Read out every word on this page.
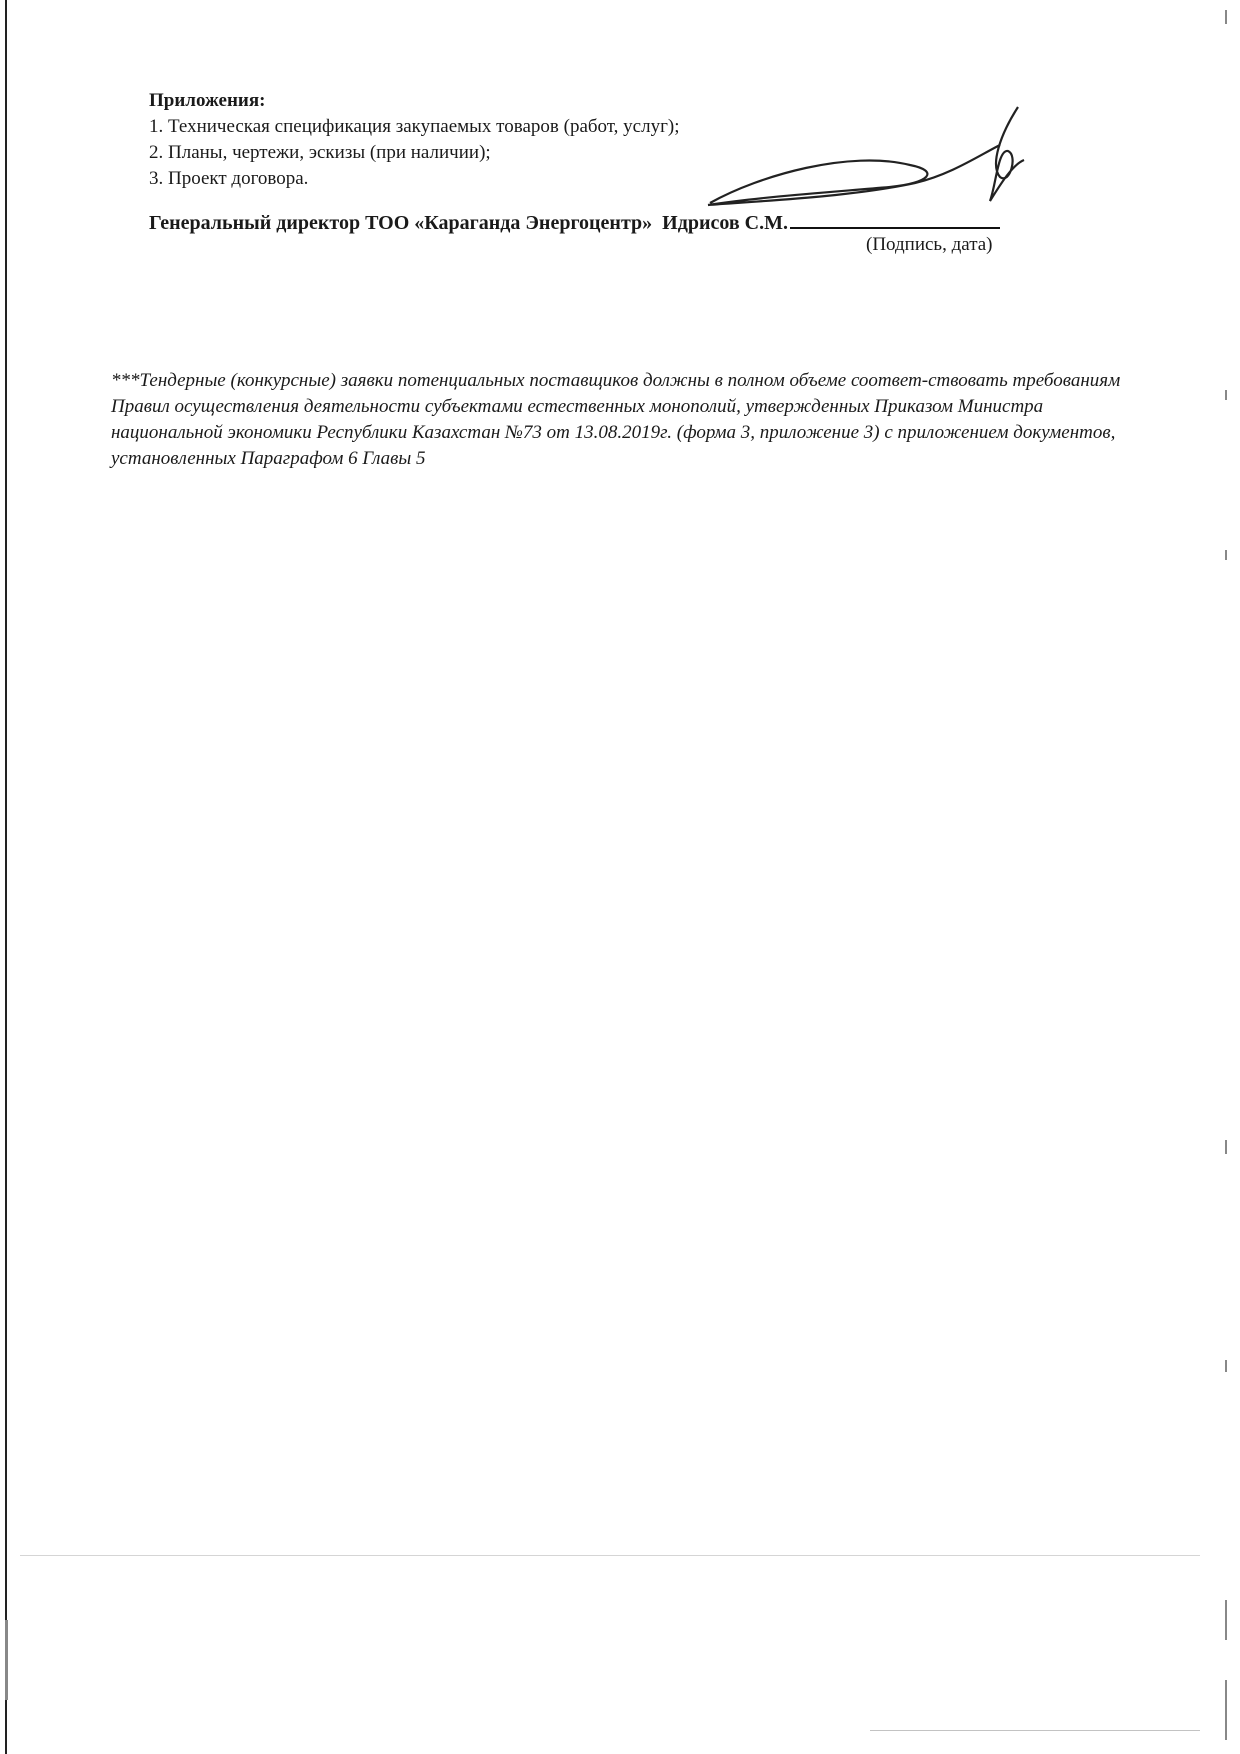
Приложения:
1. Техническая спецификация закупаемых товаров (работ, услуг);
2. Планы, чертежи, эскизы (при наличии);
3. Проект договора.
Генеральный директор ТОО «Караганда Энергоцентр» Идрисов С.М.
(Подпись, дата)
***Тендерные (конкурсные) заявки потенциальных поставщиков должны в полном объеме соответ-ствовать требованиям Правил осуществления деятельности субъектами естественных монополий, утвержденных Приказом Министра национальной экономики Республики Казахстан №73 от 13.08.2019г. (форма 3, приложение 3) с приложением документов, установленных Параграфом 6 Главы 5
